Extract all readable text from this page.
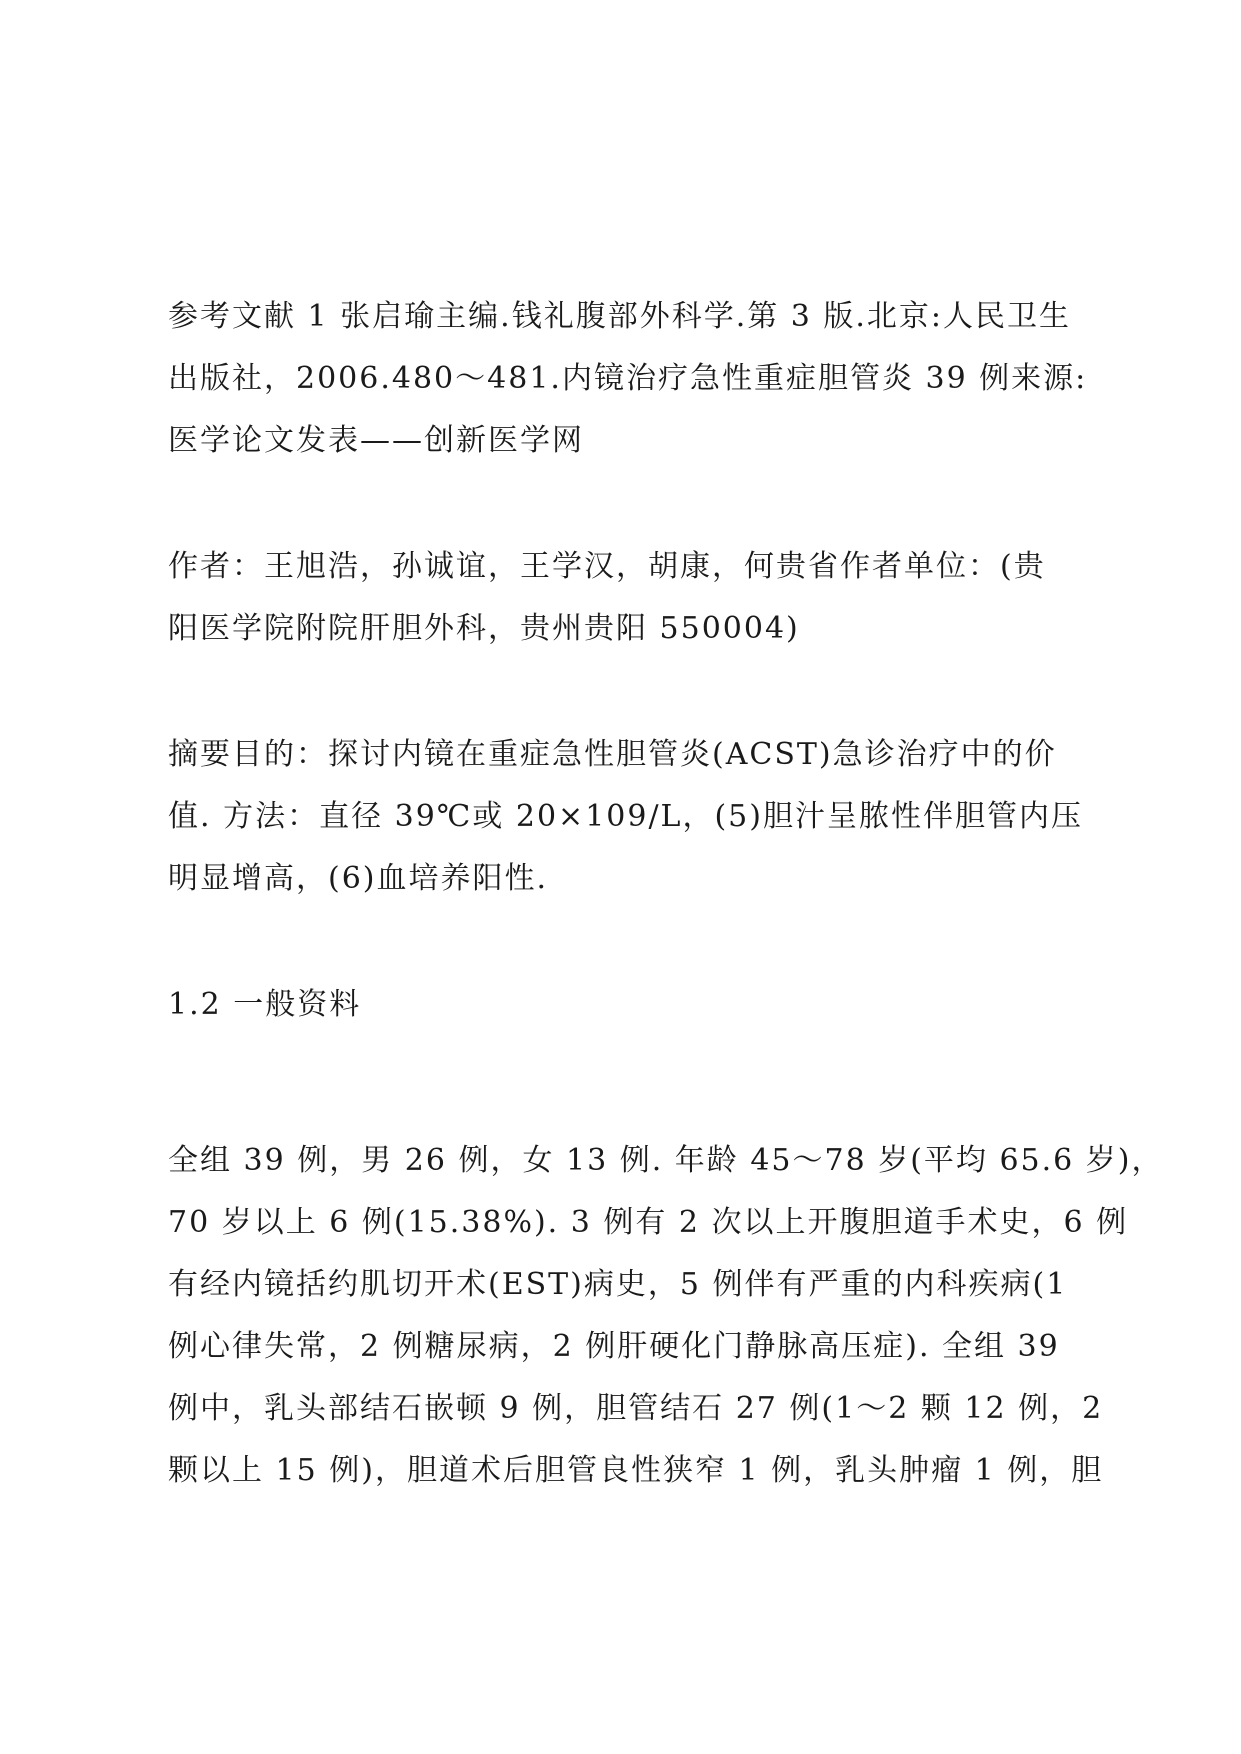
参考文献 1 张启瑜主编.钱礼腹部外科学.第 3 版.北京:人民卫生
出版社，2006.480～481.内镜治疗急性重症胆管炎 39 例来源:
医学论文发表——创新医学网
作者：王旭浩，孙诚谊，王学汉，胡康，何贵省作者单位：(贵
阳医学院附院肝胆外科，贵州贵阳 550004)
摘要目的：探讨内镜在重症急性胆管炎(ACST)急诊治疗中的价
值. 方法：直径 39℃或 20×109/L，(5)胆汁呈脓性伴胆管内压
明显增高，(6)血培养阳性.
1.2 一般资料
全组 39 例，男 26 例，女 13 例. 年龄 45～78 岁(平均 65.6 岁)，
70 岁以上 6 例(15.38%). 3 例有 2 次以上开腹胆道手术史，6 例
有经内镜括约肌切开术(EST)病史，5 例伴有严重的内科疾病(1
例心律失常，2 例糖尿病，2 例肝硬化门静脉高压症). 全组 39
例中，乳头部结石嵌顿 9 例，胆管结石 27 例(1～2 颗 12 例，2
颗以上 15 例)，胆道术后胆管良性狭窄 1 例，乳头肿瘤 1 例，胆
